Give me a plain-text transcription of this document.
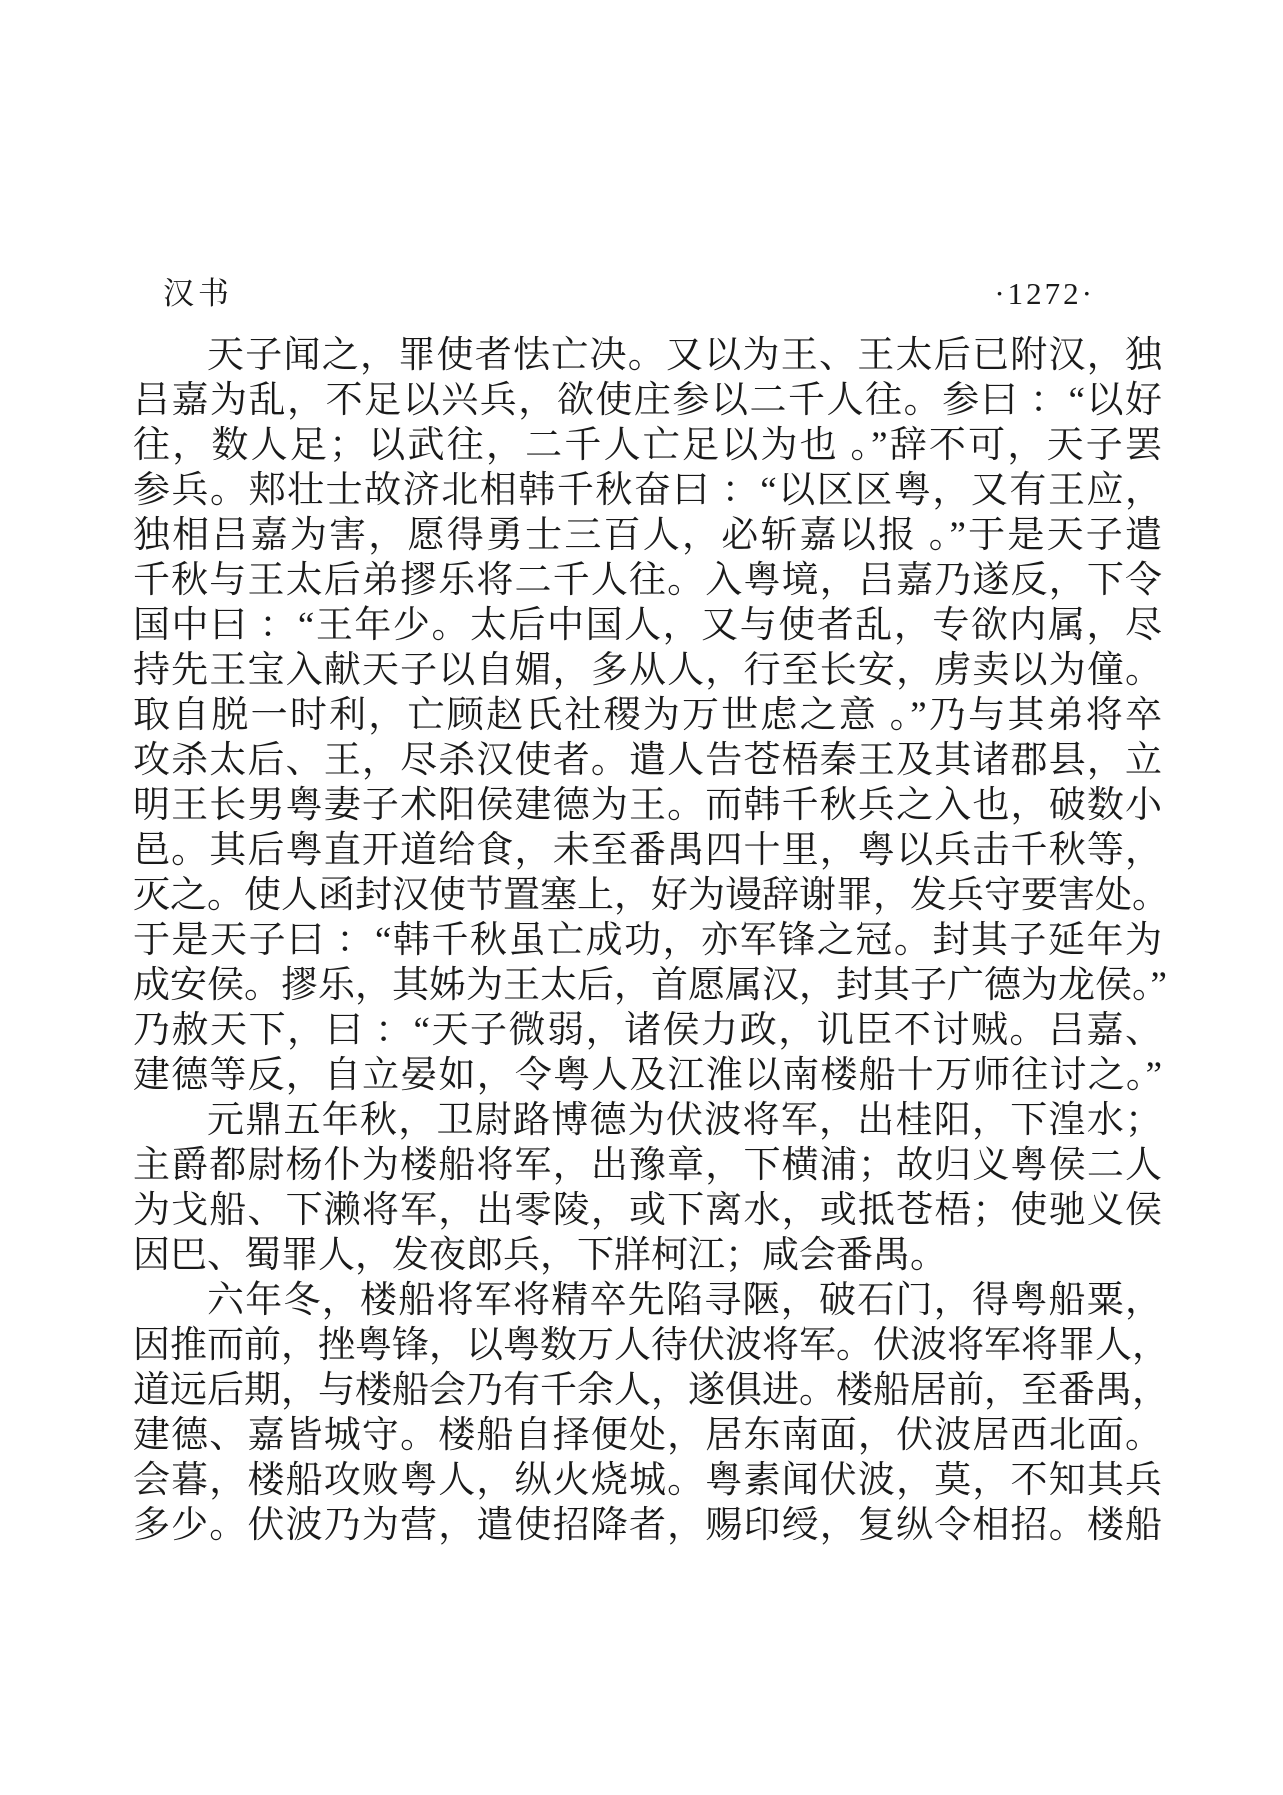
汉书	·1272·
天子闻之，罪使者怯亡决。又以为王、王太后已附汉，独
吕嘉为乱，不足以兴兵，欲使庄参以二千人往。参曰 ：“以好
往，数人足；以武往，二千人亡足以为也 。”辞不可，天子罢
参兵。郏壮士故济北相韩千秋奋曰 ：“以区区粤，又有王应，
独相吕嘉为害，愿得勇士三百人，必斩嘉以报 。”于是天子遣
千秋与王太后弟摎乐将二千人往。入粤境，吕嘉乃遂反，下令
国中曰 ：“王年少。太后中国人，又与使者乱，专欲内属，尽
持先王宝入献天子以自媚，多从人，行至长安，虏卖以为僮。
取自脱一时利，亡顾赵氏社稷为万世虑之意 。”乃与其弟将卒
攻杀太后、王，尽杀汉使者。遣人告苍梧秦王及其诸郡县，立
明王长男粤妻子术阳侯建德为王。而韩千秋兵之入也，破数小
邑。其后粤直开道给食，未至番禺四十里，粤以兵击千秋等，
灭之。使人函封汉使节置塞上，好为谩辞谢罪，发兵守要害处。
于是天子曰 ：“韩千秋虽亡成功，亦军锋之冠。封其子延年为
成安侯。摎乐，其姊为王太后，首愿属汉，封其子广德为龙侯。”
乃赦天下，曰 ：“天子微弱，诸侯力政，讥臣不讨贼。吕嘉、
建德等反，自立晏如，令粤人及江淮以南楼船十万师往讨之。”
元鼎五年秋，卫尉路博德为伏波将军，出桂阳，下湟水；
主爵都尉杨仆为楼船将军，出豫章，下横浦；故归义粤侯二人
为戈船、下濑将军，出零陵，或下离水，或抵苍梧；使驰义侯
因巴、蜀罪人，发夜郎兵，下牂柯江；咸会番禺。
六年冬，楼船将军将精卒先陷寻陿，破石门，得粤船粟，
因推而前，挫粤锋，以粤数万人待伏波将军。伏波将军将罪人，
道远后期，与楼船会乃有千余人，遂俱进。楼船居前，至番禺，
建德、嘉皆城守。楼船自择便处，居东南面，伏波居西北面。
会暮，楼船攻败粤人，纵火烧城。粤素闻伏波，莫，不知其兵
多少。伏波乃为营，遣使招降者，赐印绶，复纵令相招。楼船
